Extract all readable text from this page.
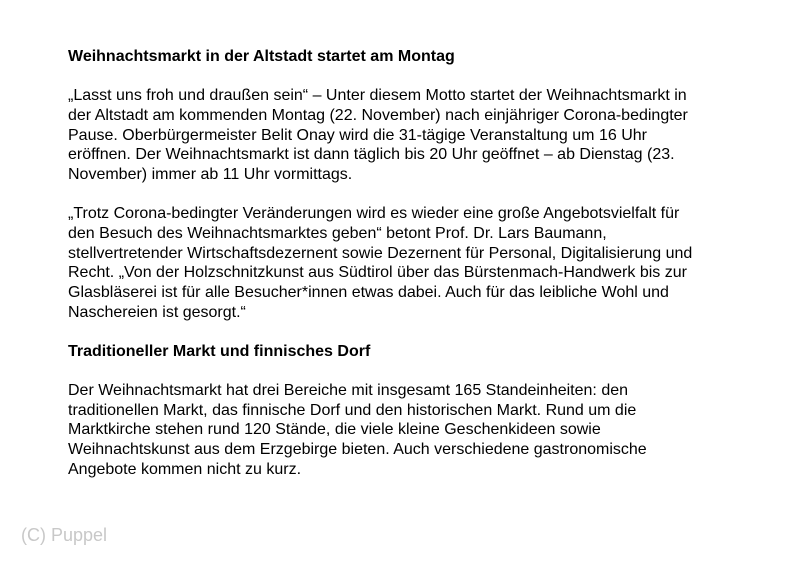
Weihnachtsmarkt in der Altstadt startet am Montag
„Lasst uns froh und draußen sein“ – Unter diesem Motto startet der Weihnachtsmarkt in
der Altstadt am kommenden Montag (22. November) nach einjähriger Corona-bedingter
Pause. Oberbürgermeister Belit Onay wird die 31-tägige Veranstaltung um 16 Uhr
eröffnen. Der Weihnachtsmarkt ist dann täglich bis 20 Uhr geöffnet – ab Dienstag (23.
November) immer ab 11 Uhr vormittags.
„Trotz Corona-bedingter Veränderungen wird es wieder eine große Angebotsvielfalt für
den Besuch des Weihnachtsmarktes geben“ betont Prof. Dr. Lars Baumann,
stellvertretender Wirtschaftsdezernent sowie Dezernent für Personal, Digitalisierung und
Recht. „Von der Holzschnitzkunst aus Südtirol über das Bürstenmach-Handwerk bis zur
Glasbläserei ist für alle Besucher*innen etwas dabei. Auch für das leibliche Wohl und
Naschereien ist gesorgt.“
Traditioneller Markt und finnisches Dorf
Der Weihnachtsmarkt hat drei Bereiche mit insgesamt 165 Standeinheiten: den
traditionellen Markt, das finnische Dorf und den historischen Markt. Rund um die
Marktkirche stehen rund 120 Stände, die viele kleine Geschenkideen sowie
Weihnachtskunst aus dem Erzgebirge bieten. Auch verschiedene gastronomische
Angebote kommen nicht zu kurz.
(C) Puppel
